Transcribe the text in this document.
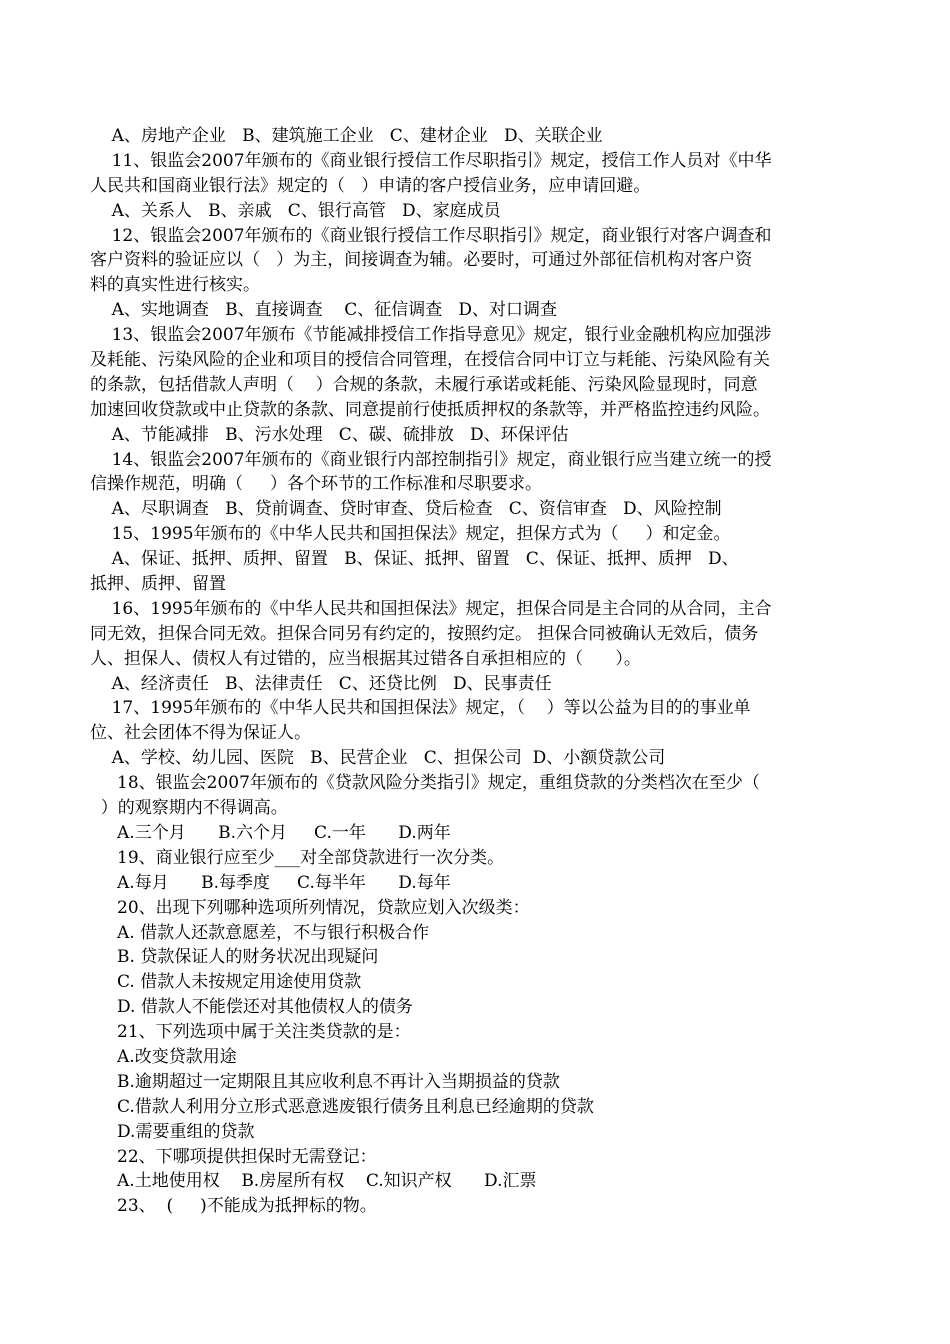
A、房地产企业   B、建筑施工企业   C、建材企业   D、关联企业
11、银监会2007年颁布的《商业银行授信工作尽职指引》规定，授信工作人员对《中华
人民共和国商业银行法》规定的（   ）申请的客户授信业务，应申请回避。
A、关系人   B、亲戚   C、银行高管   D、家庭成员
12、银监会2007年颁布的《商业银行授信工作尽职指引》规定，商业银行对客户调查和
客户资料的验证应以（   ）为主，间接调查为辅。必要时，可通过外部征信机构对客户资
料的真实性进行核实。
A、实地调查   B、直接调查    C、征信调查   D、对口调查
13、银监会2007年颁布《节能减排授信工作指导意见》规定，银行业金融机构应加强涉
及耗能、污染风险的企业和项目的授信合同管理，在授信合同中订立与耗能、污染风险有关
的条款，包括借款人声明（    ）合规的条款，未履行承诺或耗能、污染风险显现时，同意
加速回收贷款或中止贷款的条款、同意提前行使抵质押权的条款等，并严格监控违约风险。
A、节能减排   B、污水处理   C、碳、硫排放   D、环保评估
14、银监会2007年颁布的《商业银行内部控制指引》规定，商业银行应当建立统一的授
信操作规范，明确（     ）各个环节的工作标准和尽职要求。
A、尽职调查   B、贷前调查、贷时审查、贷后检查   C、资信审查   D、风险控制
15、1995年颁布的《中华人民共和国担保法》规定，担保方式为（     ）和定金。
A、保证、抵押、质押、留置   B、保证、抵押、留置   C、保证、抵押、质押   D、
抵押、质押、留置
16、1995年颁布的《中华人民共和国担保法》规定，担保合同是主合同的从合同，主合
同无效，担保合同无效。担保合同另有约定的，按照约定。 担保合同被确认无效后，债务
人、担保人、债权人有过错的，应当根据其过错各自承担相应的（      ）。
A、经济责任   B、法律责任   C、还贷比例   D、民事责任
17、1995年颁布的《中华人民共和国担保法》规定，（    ）等以公益为目的的事业单
位、社会团体不得为保证人。
A、学校、幼儿园、医院   B、民营企业   C、担保公司  D、小额贷款公司
18、银监会2007年颁布的《贷款风险分类指引》规定，重组贷款的分类档次在至少（
）的观察期内不得调高。
A.三个月      B.六个月     C.一年      D.两年
19、商业银行应至少___对全部贷款进行一次分类。
A.每月      B.每季度     C.每半年      D.每年
20、出现下列哪种选项所列情况，贷款应划入次级类：
A. 借款人还款意愿差，不与银行积极合作
B. 贷款保证人的财务状况出现疑问
C. 借款人未按规定用途使用贷款
D. 借款人不能偿还对其他债权人的债务
21、下列选项中属于关注类贷款的是：
A.改变贷款用途
B.逾期超过一定期限且其应收利息不再计入当期损益的贷款
C.借款人利用分立形式恶意逃废银行债务且利息已经逾期的贷款
D.需要重组的贷款
22、下哪项提供担保时无需登记：
A.土地使用权    B.房屋所有权    C.知识产权      D.汇票
23、  (     )不能成为抵押标的物。
